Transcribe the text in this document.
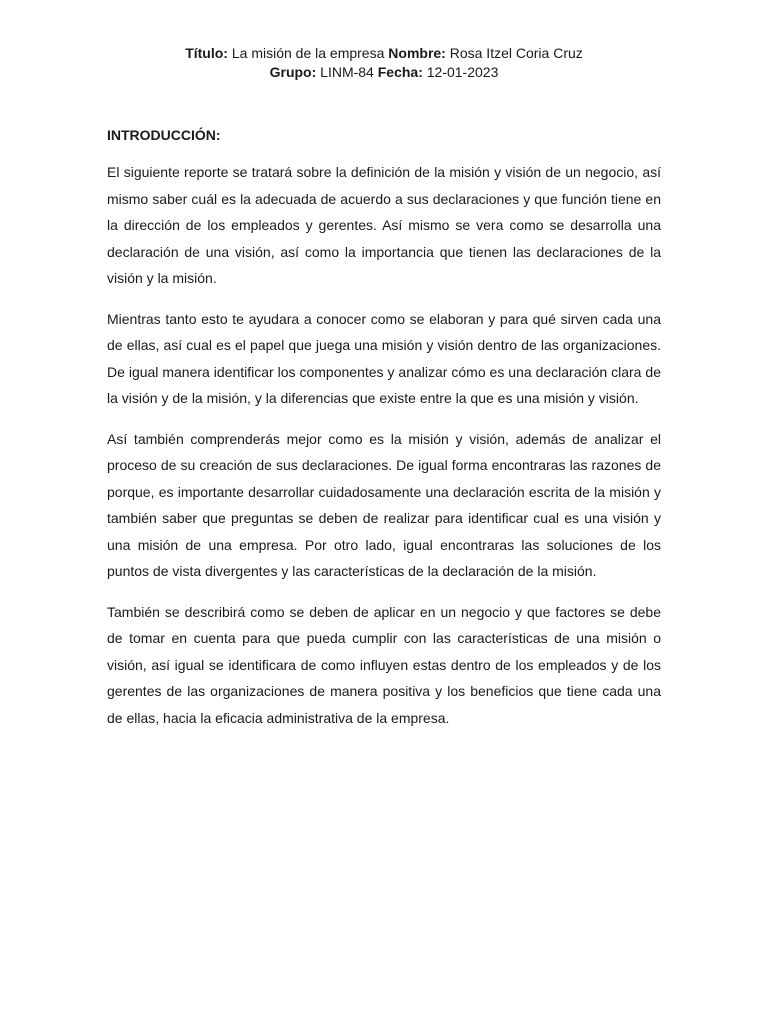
Título: La misión de la empresa Nombre: Rosa Itzel Coria Cruz
Grupo: LINM-84 Fecha: 12-01-2023
INTRODUCCIÓN:

El siguiente reporte se tratará sobre la definición de la misión y visión de un negocio, así mismo saber cuál es la adecuada de acuerdo a sus declaraciones y que función tiene en la dirección de los empleados y gerentes. Así mismo se vera como se desarrolla una declaración de una visión, así como la importancia que tienen las declaraciones de la visión y la misión.

Mientras tanto esto te ayudara a conocer como se elaboran y para qué sirven cada una de ellas, así cual es el papel que juega una misión y visión dentro de las organizaciones. De igual manera identificar los componentes y analizar cómo es una declaración clara de la visión y de la misión, y la diferencias que existe entre la que es una misión y visión.

Así también comprenderás mejor como es la misión y visión, además de analizar el proceso de su creación de sus declaraciones. De igual forma encontraras las razones de porque, es importante desarrollar cuidadosamente una declaración escrita de la misión y también saber que preguntas se deben de realizar para identificar cual es una visión y una misión de una empresa. Por otro lado, igual encontraras las soluciones de los puntos de vista divergentes y las características de la declaración de la misión.

También se describirá como se deben de aplicar en un negocio y que factores se debe de tomar en cuenta para que pueda cumplir con las características de una misión o visión, así igual se identificara de como influyen estas dentro de los empleados y de los gerentes de las organizaciones de manera positiva y los beneficios que tiene cada una de ellas, hacia la eficacia administrativa de la empresa.
